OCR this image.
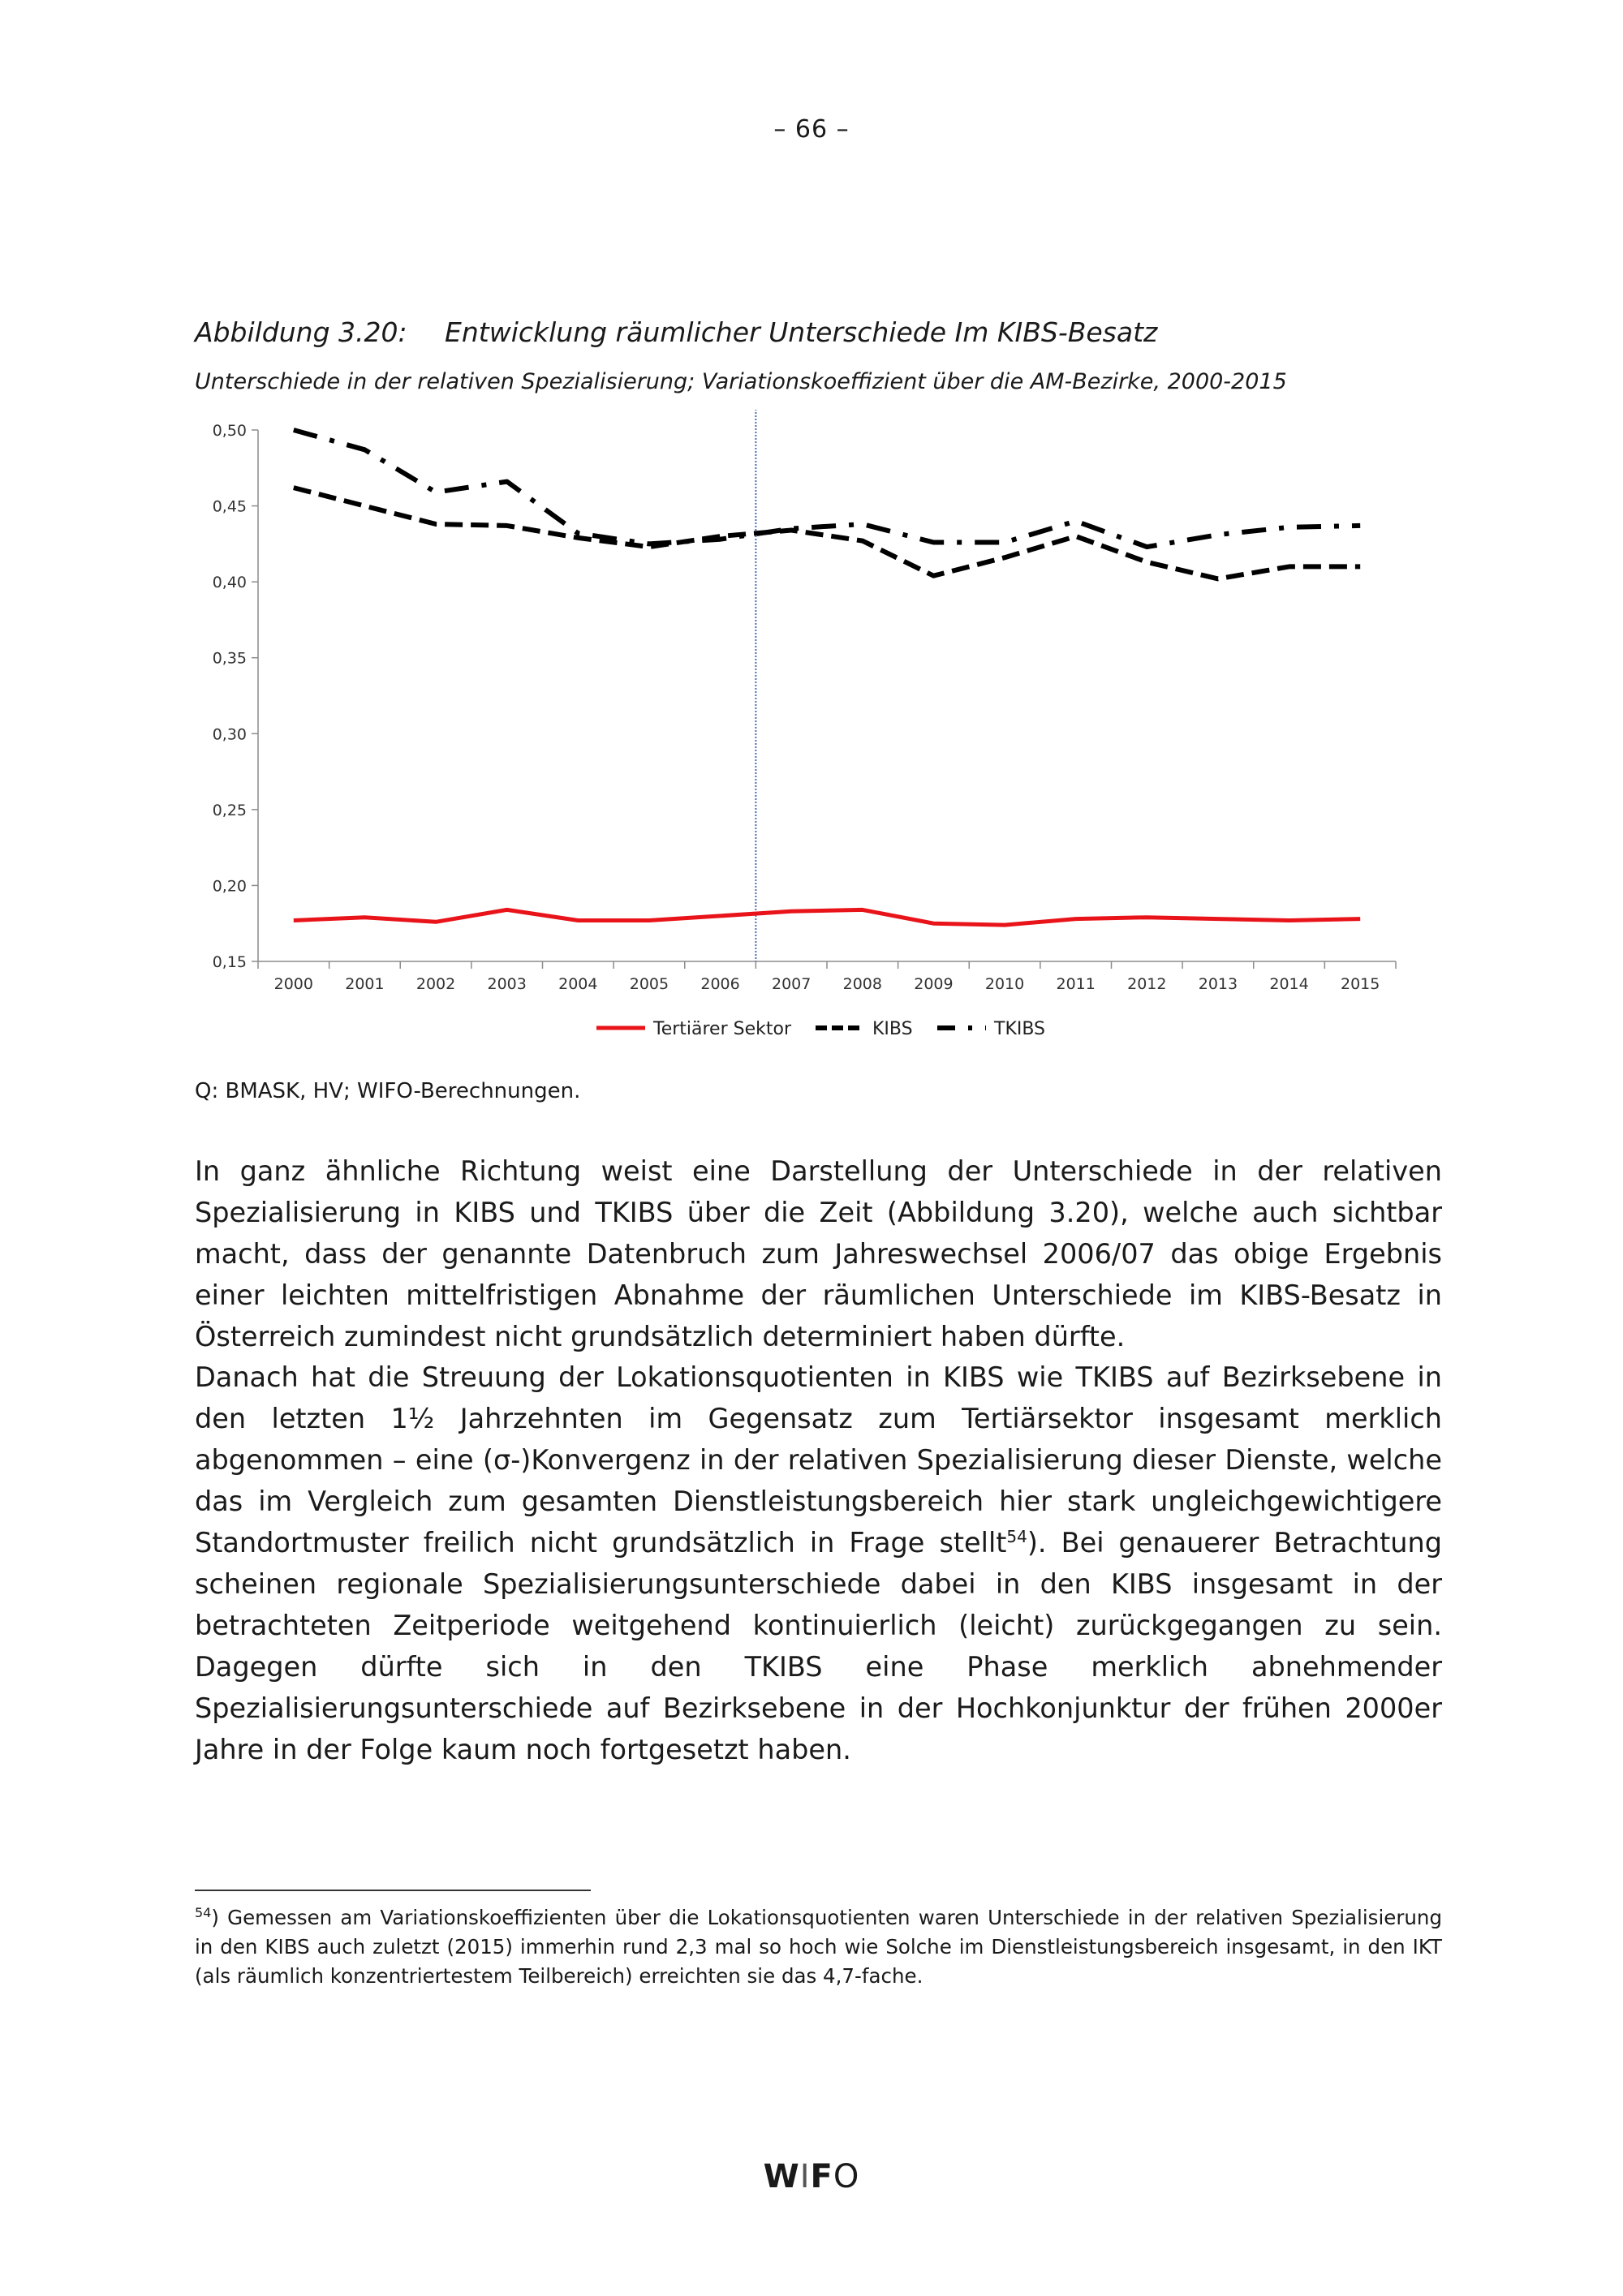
– 66 –
Abbildung 3.20: Entwicklung räumlicher Unterschiede Im KIBS-Besatz
Unterschiede in der relativen Spezialisierung; Variationskoeffizient über die AM-Bezirke, 2000-2015
0,15
0,20
0,25
0,30
0,35
0,40
0,45
0,50
2000 2001 2002 2003 2004 2005 2006 2007 2008 2009 2010 2011 2012 2013 2014 2015
Tertiärer Sektor	KIBS	TKIBS
Q: BMASK, HV; WIFO-Berechnungen.

In ganz ähnliche Richtung weist eine Darstellung der Unterschiede in der relativen Spezialisierung in KIBS und TKIBS über die Zeit (Abbildung 3.20), welche auch sichtbar macht, dass der genannte Datenbruch zum Jahreswechsel 2006/07 das obige Ergebnis einer leichten mittelfristigen Abnahme der räumlichen Unterschiede im KIBS-Besatz in Österreich zumindest nicht grundsätzlich determiniert haben dürfte.

Danach hat die Streuung der Lokationsquotienten in KIBS wie TKIBS auf Bezirksebene in den letzten 1½ Jahrzehnten im Gegensatz zum Tertiärsektor insgesamt merklich abgenommen – eine (σ-)Konvergenz in der relativen Spezialisierung dieser Dienste, welche das im Vergleich zum gesamten Dienstleistungsbereich hier stark ungleichgewichtigere Standortmuster freilich nicht grundsätzlich in Frage stellt$^{54}$). Bei genauerer Betrachtung scheinen regionale Spezialisierungsunterschiede dabei in den KIBS insgesamt in der betrachteten Zeitperiode weitgehend kontinuierlich (leicht) zurückgegangen zu sein. Dagegen dürfte sich in den TKIBS eine Phase merklich abnehmender Spezialisierungsunterschiede auf Bezirksebene in der Hochkonjunktur der frühen 2000er Jahre in der Folge kaum noch fortgesetzt haben.

$^{54}$) Gemessen am Variationskoeffizienten über die Lokationsquotienten waren Unterschiede in der relativen Spezialisierung in den KIBS auch zuletzt (2015) immerhin rund 2,3 mal so hoch wie Solche im Dienstleistungsbereich insgesamt, in den IKT (als räumlich konzentriertestem Teilbereich) erreichten sie das 4,7-fache.

WIFO
